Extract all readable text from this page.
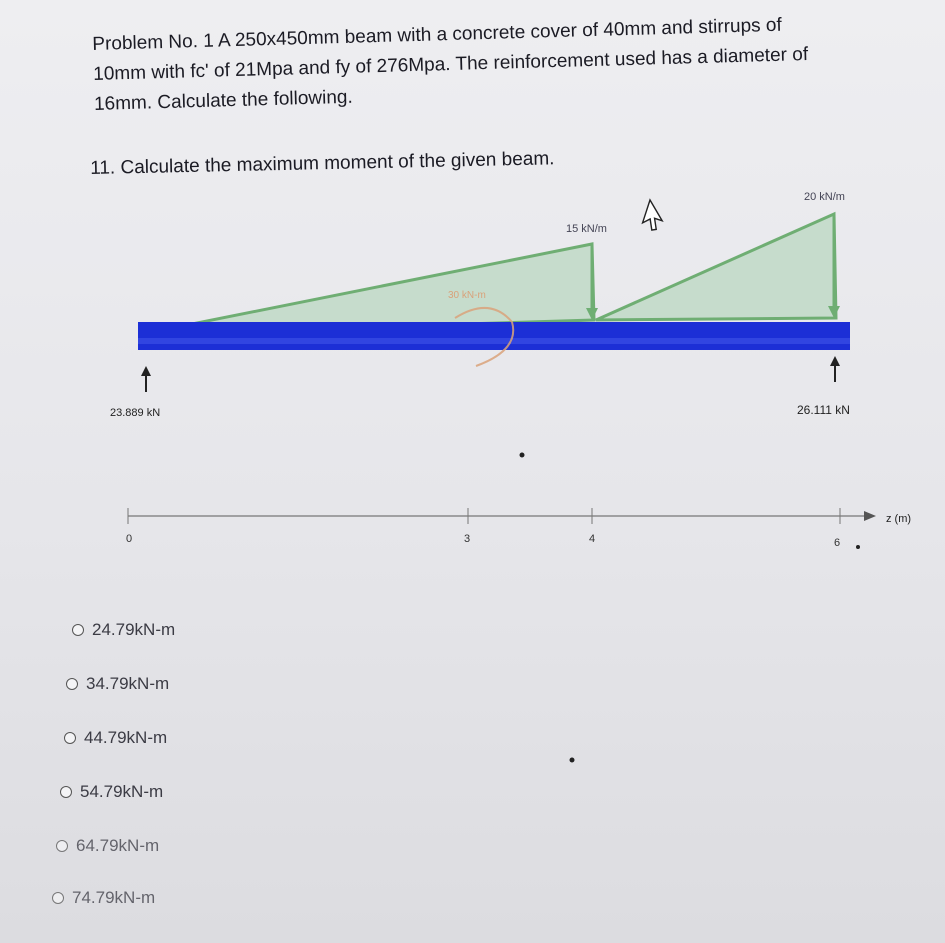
Problem No. 1 A 250x450mm beam with a concrete cover of 40mm and stirrups of

10mm with fc' of 21Mpa and fy of 276Mpa. The reinforcement used has a diameter of

16mm. Calculate the following.

11. Calculate the maximum moment of the given beam.
15 kN/m
20 kN/m
30 kN-m
23.889 kN	26.111 kN
0	3	4	6
z (m)
24.79kN-m
34.79kN-m
44.79kN-m
54.79kN-m
64.79kN-m
74.79kN-m
